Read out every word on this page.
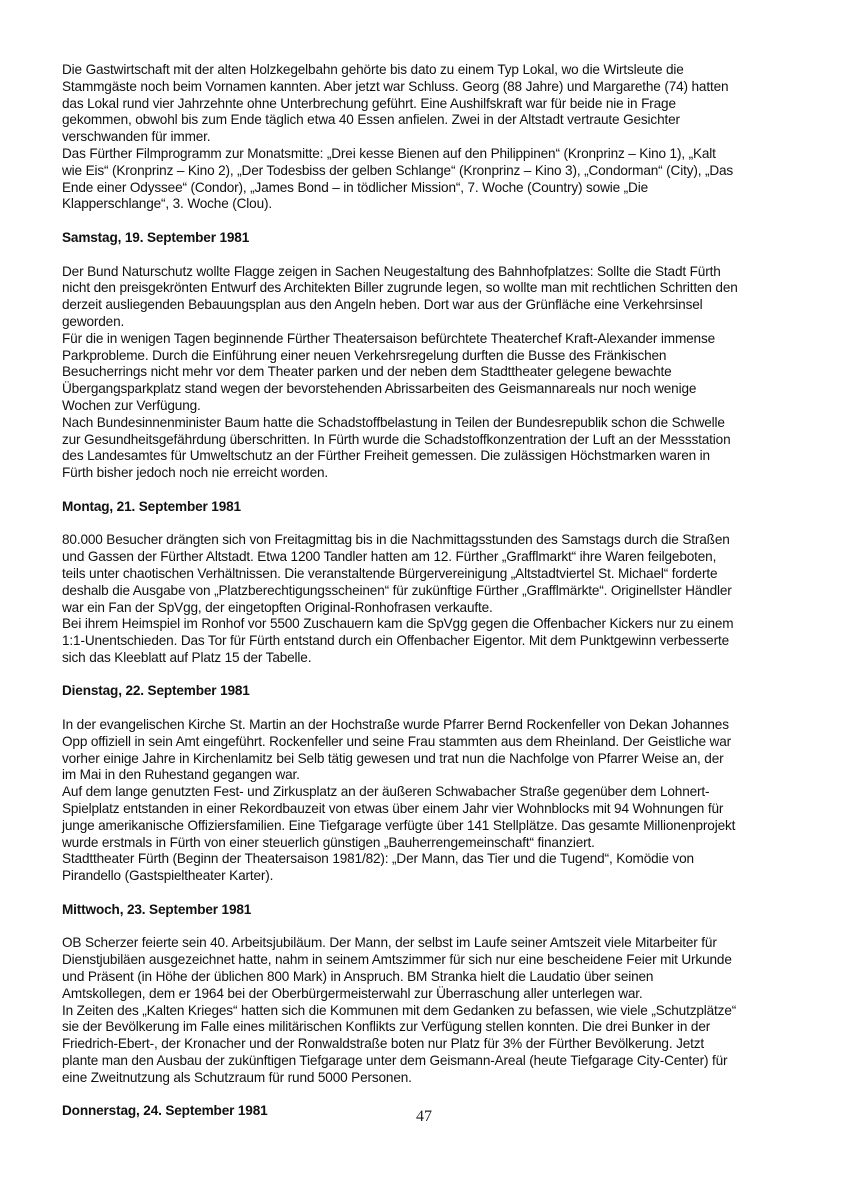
Die Gastwirtschaft mit der alten Holzkegelbahn gehörte bis dato zu einem Typ Lokal, wo die Wirtsleute die
Stammgäste noch beim Vornamen kannten. Aber jetzt war Schluss. Georg (88 Jahre) und Margarethe (74) hatten
das Lokal rund vier Jahrzehnte ohne Unterbrechung geführt. Eine Aushilfskraft war für beide nie in Frage
gekommen, obwohl bis zum Ende täglich etwa 40 Essen anfielen. Zwei in der Altstadt vertraute Gesichter
verschwanden für immer.
Das Fürther Filmprogramm zur Monatsmitte: „Drei kesse Bienen auf den Philippinen“ (Kronprinz – Kino 1), „Kalt
wie Eis“ (Kronprinz – Kino 2), „Der Todesbiss der gelben Schlange“ (Kronprinz – Kino 3), „Condorman“ (City), „Das
Ende einer Odyssee“ (Condor), „James Bond – in tödlicher Mission“, 7. Woche (Country) sowie „Die
Klapperschlange“, 3. Woche (Clou).
Samstag, 19. September 1981
Der Bund Naturschutz wollte Flagge zeigen in Sachen Neugestaltung des Bahnhofplatzes: Sollte die Stadt Fürth
nicht den preisgekrönten Entwurf des Architekten Biller zugrunde legen, so wollte man mit rechtlichen Schritten den
derzeit ausliegenden Bebauungsplan aus den Angeln heben. Dort war aus der Grünfläche eine Verkehrsinsel
geworden.
Für die in wenigen Tagen beginnende Fürther Theatersaison befürchtete Theaterchef Kraft-Alexander immense
Parkprobleme. Durch die Einführung einer neuen Verkehrsregelung durften die Busse des Fränkischen
Besucherrings nicht mehr vor dem Theater parken und der neben dem Stadttheater gelegene bewachte
Übergangsparkplatz stand wegen der bevorstehenden Abrissarbeiten des Geismannareals nur noch wenige
Wochen zur Verfügung.
Nach Bundesinnenminister Baum hatte die Schadstoffbelastung in Teilen der Bundesrepublik schon die Schwelle
zur Gesundheitsgefährdung überschritten. In Fürth wurde die Schadstoffkonzentration der Luft an der Messstation
des Landesamtes für Umweltschutz an der Fürther Freiheit gemessen. Die zulässigen Höchstmarken waren in
Fürth bisher jedoch noch nie erreicht worden.
Montag, 21. September 1981
80.000 Besucher drängten sich von Freitagmittag bis in die Nachmittagsstunden des Samstags durch die Straßen
und Gassen der Fürther Altstadt. Etwa 1200 Tandler hatten am 12. Fürther „Grafflmarkt“ ihre Waren feilgeboten,
teils unter chaotischen Verhältnissen. Die veranstaltende Bürgervereinigung „Altstadtviertel St. Michael“ forderte
deshalb die Ausgabe von „Platzberechtigungsscheinen“ für zukünftige Fürther „Grafflmärkte“. Originellster Händler
war ein Fan der SpVgg, der eingetopften Original-Ronhofrasen verkaufte.
Bei ihrem Heimspiel im Ronhof vor 5500 Zuschauern kam die SpVgg gegen die Offenbacher Kickers nur zu einem
1:1-Unentschieden. Das Tor für Fürth entstand durch ein Offenbacher Eigentor. Mit dem Punktgewinn verbesserte
sich das Kleeblatt auf Platz 15 der Tabelle.
Dienstag, 22. September 1981
In der evangelischen Kirche St. Martin an der Hochstraße wurde Pfarrer Bernd Rockenfeller von Dekan Johannes
Opp offiziell in sein Amt eingeführt. Rockenfeller und seine Frau stammten aus dem Rheinland. Der Geistliche war
vorher einige Jahre in Kirchenlamitz bei Selb tätig gewesen und trat nun die Nachfolge von Pfarrer Weise an, der
im Mai in den Ruhestand gegangen war.
Auf dem lange genutzten Fest- und Zirkusplatz an der äußeren Schwabacher Straße gegenüber dem Lohnert-
Spielplatz entstanden in einer Rekordbauzeit von etwas über einem Jahr vier Wohnblocks mit 94 Wohnungen für
junge amerikanische Offiziersfamilien. Eine Tiefgarage verfügte über 141 Stellplätze. Das gesamte Millionenprojekt
wurde erstmals in Fürth von einer steuerlich günstigen „Bauherrengemeinschaft“ finanziert.
Stadttheater Fürth (Beginn der Theatersaison 1981/82): „Der Mann, das Tier und die Tugend“, Komödie von
Pirandello (Gastspieltheater Karter).
Mittwoch, 23. September 1981
OB Scherzer feierte sein 40. Arbeitsjubiläum. Der Mann, der selbst im Laufe seiner Amtszeit viele Mitarbeiter für
Dienstjubiläen ausgezeichnet hatte, nahm in seinem Amtszimmer für sich nur eine bescheidene Feier mit Urkunde
und Präsent (in Höhe der üblichen 800 Mark) in Anspruch. BM Stranka hielt die Laudatio über seinen
Amtskollegen, dem er 1964 bei der Oberbürgermeisterwahl zur Überraschung aller unterlegen war.
In Zeiten des „Kalten Krieges“ hatten sich die Kommunen mit dem Gedanken zu befassen, wie viele „Schutzplätze“
sie der Bevölkerung im Falle eines militärischen Konflikts zur Verfügung stellen konnten. Die drei Bunker in der
Friedrich-Ebert-, der Kronacher und der Ronwaldstraße boten nur Platz für 3% der Fürther Bevölkerung. Jetzt
plante man den Ausbau der zukünftigen Tiefgarage unter dem Geismann-Areal (heute Tiefgarage City-Center) für
eine Zweitnutzung als Schutzraum für rund 5000 Personen.
Donnerstag, 24. September 1981	47
